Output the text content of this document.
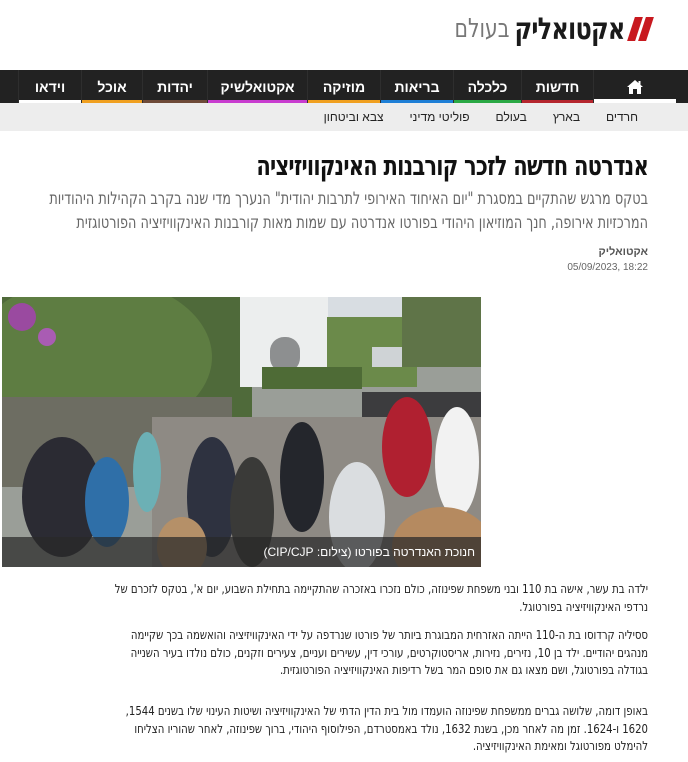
אקטואליק
בעולם
חדשות
כלכלה
בריאות
מוזיקה
אקטואלשיק
יהדות
אוכל
וידאו
חרדים
בארץ
בעולם
פוליטי מדיני
צבא וביטחון
אנדרטה חדשה לזכר קורבנות האינקוויזיציה

בטקס מרגש שהתקיים במסגרת "יום האיחוד האירופי לתרבות יהודית" הנערך מדי שנה בקרב הקהילות היהודיות המרכזיות אירופה, חנך המוזיאון היהודי בפורטו אנדרטה עם שמות מאות קורבנות האינקוויזיציה הפורטוגזית

אקטואליק
05/09/2023, 18:22
חנוכת האנדרטה בפורטו (צילום: CIP/CJP)

ילדה בת עשר, אישה בת 110 ובני משפחת שפינוזה, כולם נזכרו באזכרה שהתקיימה בתחילת השבוע, יום א', בטקס לזכרם של נרדפי האינקוויזיציה בפורטוגל.

ססיליה קרדוסו בת ה-110 הייתה האזרחית המבוגרת ביותר של פורטו שנרדפה על ידי האינקוויזיציה והואשמה בכך שקיימה מנהגים יהודיים. ילד בן 10, נזירים, נזירות, אריסטוקרטים, עורכי דין, עשירים ועניים, צעירים וזקנים, כולם נולדו בעיר השנייה בגודלה בפורטוגל, ושם מצאו גם את סופם המר בשל רדיפות האינקוויזיציה הפורטוגזית.

באופן דומה, שלושה גברים ממשפחת שפינוזה הועמדו מול בית הדין הדתי של האינקוויזיציה ושיטות העינוי שלו בשנים 1544, 1620 ו-1624. זמן מה לאחר מכן, בשנת 1632, נולד באמסטרדם, הפילוסוף היהודי, ברוך שפינוזה, לאחר שהוריו הצליחו להימלט מפורטוגל ומאימת האינקוויזיציה.
